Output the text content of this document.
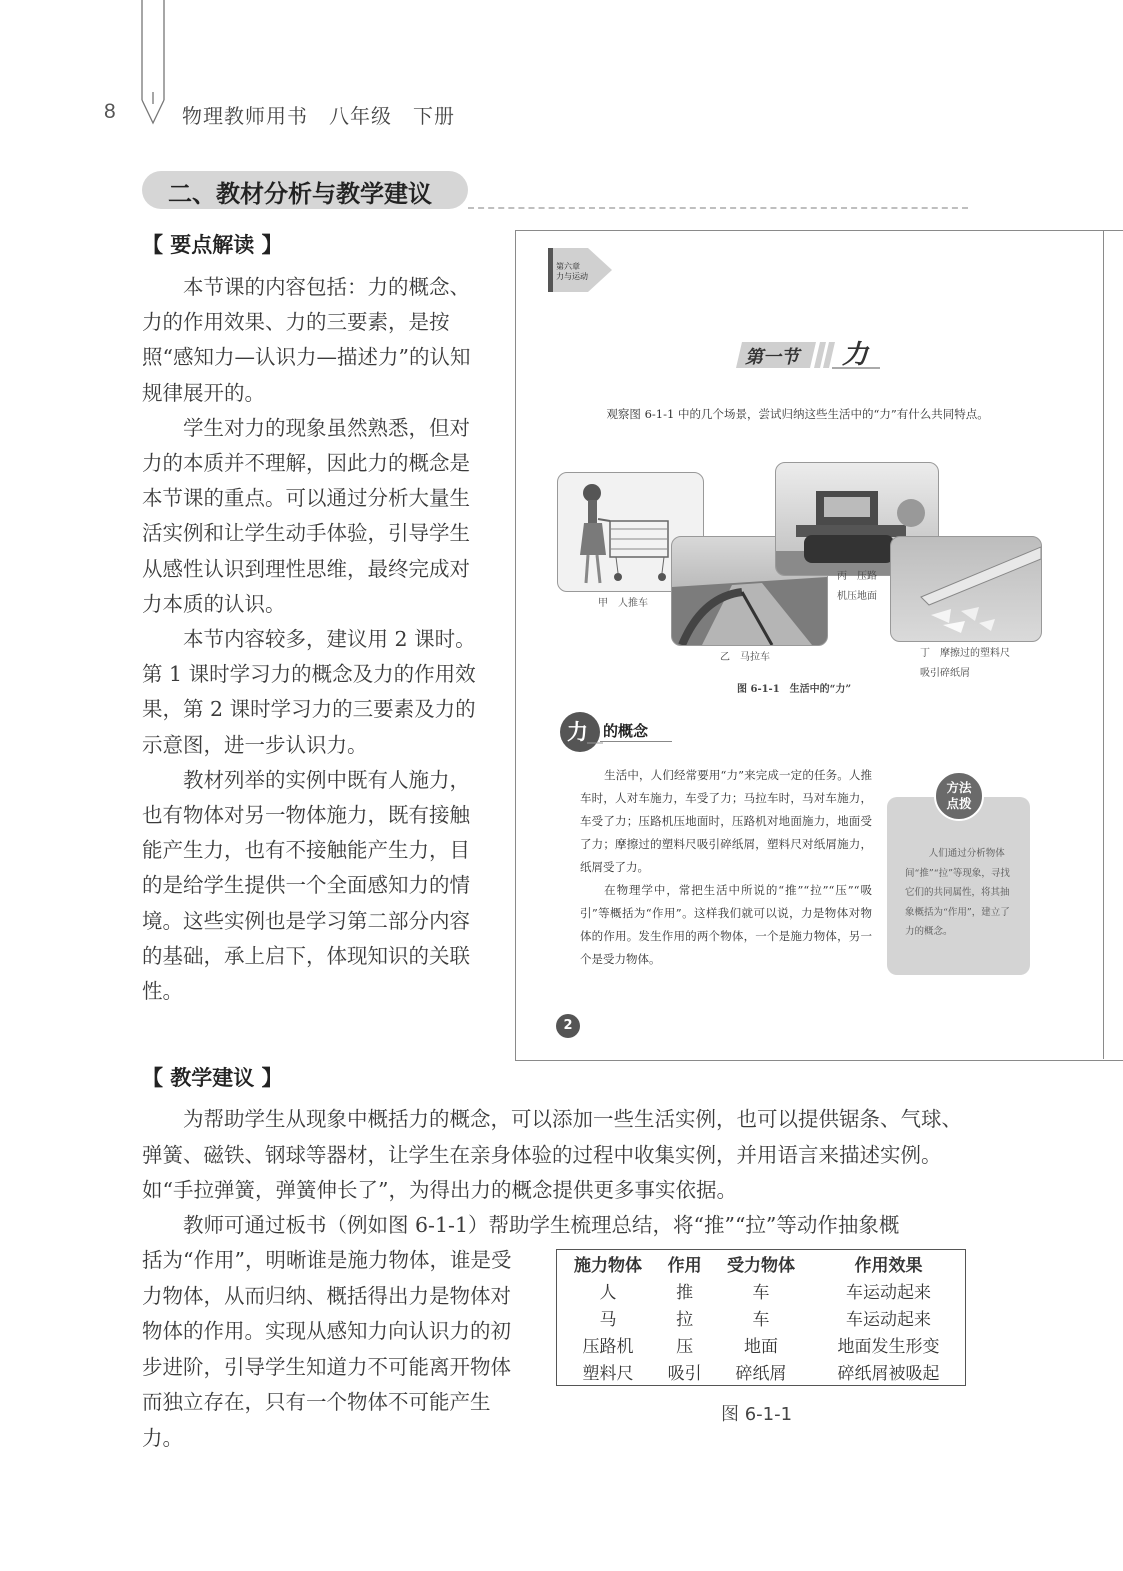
8	物理教师用书　八年级　下册
二、教材分析与教学建议
【 要点解读 】

本节课的内容包括：力的概念、力的作用效果、力的三要素，是按照“感知力—认识力—描述力”的认知规律展开的。

学生对力的现象虽然熟悉，但对力的本质并不理解，因此力的概念是本节课的重点。可以通过分析大量生活实例和让学生动手体验，引导学生从感性认识到理性思维，最终完成对力本质的认识。

本节内容较多，建议用 2 课时。第 1 课时学习力的概念及力的作用效果，第 2 课时学习力的三要素及力的示意图，进一步认识力。

教材列举的实例中既有人施力，也有物体对另一物体施力，既有接触能产生力，也有不接触能产生力，目的是给学生提供一个全面感知力的情境。这些实例也是学习第二部分内容的基础，承上启下，体现知识的关联性。

第六章
力与运动
第一节 力
观察图 6-1-1 中的几个场景，尝试归纳这些生活中的“力”有什么共同特点。
甲　人推车
乙　马拉车
丙　压路
机压地面
丁　摩擦过的塑料尺
吸引碎纸屑
图 6-1-1　生活中的“力”
力 的概念

生活中，人们经常要用“力”来完成一定的任务。人推车时，人对车施力，车受了力；马拉车时，马对车施力，车受了力；压路机压地面时，压路机对地面施力，地面受了力；摩擦过的塑料尺吸引碎纸屑，塑料尺对纸屑施力，纸屑受了力。

在物理学中，常把生活中所说的“推”“拉”“压”“吸引”等概括为“作用”。这样我们就可以说，力是物体对物体的作用。发生作用的两个物体，一个是施力物体，另一个是受力物体。

方法
点拨
人们通过分析物体间“推”“拉”等现象，寻找它们的共同属性，将其抽象概括为“作用”，建立了力的概念。
2
【 教学建议 】
为帮助学生从现象中概括力的概念，可以添加一些生活实例，也可以提供锯条、气球、
弹簧、磁铁、钢球等器材，让学生在亲身体验的过程中收集实例，并用语言来描述实例。
如“手拉弹簧，弹簧伸长了”，为得出力的概念提供更多事实依据。
教师可通过板书（例如图 6-1-1）帮助学生梳理总结，将“推”“拉”等动作抽象概
括为“作用”，明晰谁是施力物体，谁是受力物体，从而归纳、概括得出力是物体对物体的作用。实现从感知力向认识力的初步进阶，引导学生知道力不可能离开物体而独立存在，只有一个物体不可能产生力。
施力物体	作用	受力物体	作用效果
人	推	车	车运动起来
马	拉	车	车运动起来
压路机	压	地面	地面发生形变
塑料尺	吸引	碎纸屑	碎纸屑被吸起
图 6-1-1
